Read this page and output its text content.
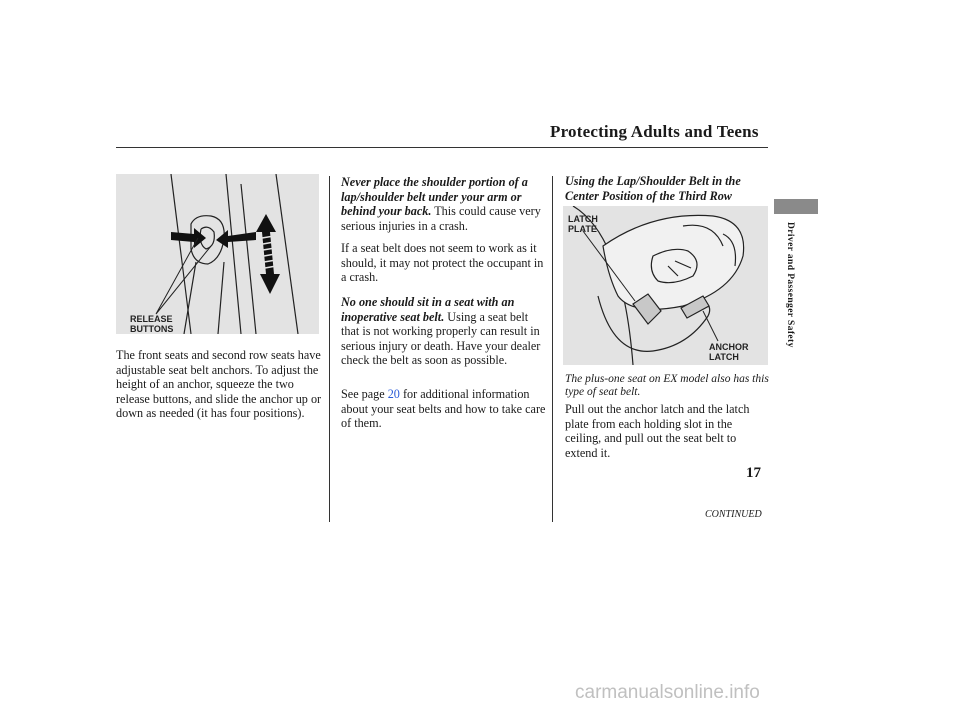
Protecting Adults and Teens
Driver and Passenger Safety
RELEASE
BUTTONS
The front seats and second row seats have adjustable seat belt anchors. To adjust the height of an anchor, squeeze the two release buttons, and slide the anchor up or down as needed (it has four positions).
Never place the shoulder portion of a lap/shoulder belt under your arm or behind your back. This could cause very serious injuries in a crash.
If a seat belt does not seem to work as it should, it may not protect the occupant in a crash.
No one should sit in a seat with an inoperative seat belt. Using a seat belt that is not working properly can result in serious injury or death. Have your dealer check the belt as soon as possible.
See page 20 for additional information about your seat belts and how to take care of them.
Using the Lap/Shoulder Belt in the Center Position of the Third Row
LATCH
PLATE
ANCHOR
LATCH
The plus-one seat on EX model also has this type of seat belt.
Pull out the anchor latch and the latch plate from each holding slot in the ceiling, and pull out the seat belt to extend it.
CONTINUED
17
carmanualsonline.info
